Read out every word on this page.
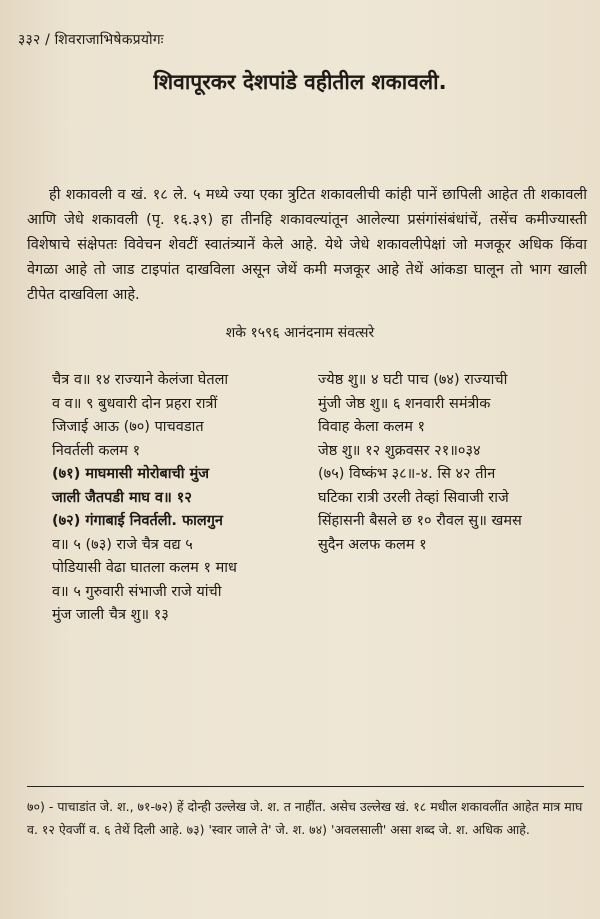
३३२ / शिवराजाभिषेकप्रयोगः
शिवापूरकर देशपांडे वहीतील शकावली.

ही शकावली व खं. १८ ले. ५ मध्ये ज्या एका त्रुटित शकावलीची कांही पानें छापिली आहेत ती शकावली आणि जेधे शकावली (पृ. १६.३९) हा तीनहि शकावल्यांतून आलेल्या प्रसंगांसंबंधांचें, तसेंच कमीज्यास्ती विशेषाचे संक्षेपतः विवेचन शेवटीं स्वातंत्र्यानें केले आहे. येथे जेधे शकावलीपेक्षां जो मजकूर अधिक किंवा वेगळा आहे तो जाड टाइपांत दाखविला असून जेथें कमी मजकूर आहे तेथें आंकडा घालून तो भाग खाली टीपेत दाखविला आहे.

शके १५९६ आनंदनाम संवत्सरे
चैत्र व॥ १४ राज्याने केलंजा घेतला
व व॥ ९ बुधवारी दोन प्रहरा रात्रीं
जिजाई आऊ (७०) पाचवडात
निवर्तली कलम १
(७१) माघमासी मोरोबाची मुंज
जाली जैतपडी माघ व॥ १२
(७२) गंगाबाई निवर्तली. फालगुन
व॥ ५ (७३) राजे चैत्र वद्य ५
पोडियासी वेढा घातला कलम १ माध
व॥ ५ गुरुवारी संभाजी राजे यांची
मुंज जाली चैत्र शु॥ १३
ज्येष्ठ शु॥ ४ घटी पाच (७४) राज्याची
मुंजी जेष्ठ शु॥ ६ शनवारी समंत्रीक
विवाह केला कलम १
जेष्ठ शु॥ १२ शुक्रवसर २१॥०३४
(७५) विष्कंभ ३८॥-४. सि ४२ तीन
घटिका रात्री उरली तेव्हां सिवाजी राजे
सिंहासनी बैसले छ १० रौवल सु॥ खमस
सुदैन अलफ कलम १

७०) - पाचाडांत जे. श., ७१-७२) हें दोन्ही उल्लेख जे. श. त नाहींत. असेच उल्लेख खं. १८ मधील शकावलींत आहेत मात्र माघ व. १२ ऐवजीं व. ६ तेथें दिली आहे. ७३) 'स्वार जाले ते' जे. श. ७४) 'अवलसाली' असा शब्द जे. श. अधिक आहे.
